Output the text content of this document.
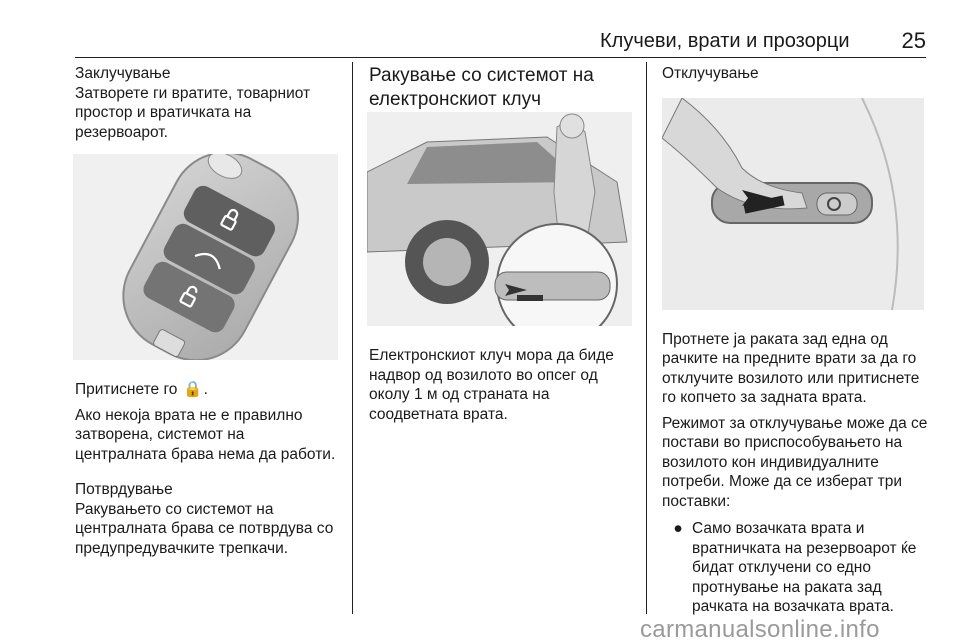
Клучеви, врати и прозорци	25

Заклучување

Затворете ги вратите, товарниот простор и вратичката на резервоарот.

Притиснете го  🔒 .

Ако некоја врата не е правилно затворена, системот на централната брава нема да работи.

Потврдување

Ракувањето со системот на централната брава се потврдува со предупредувачките трепкачи.

Ракување со системот на електронскиот клуч

Електронскиот клуч мора да биде надвор од возилото во опсег од околу 1 м од страната на соодветната врата.

Отклучување

Протнете ја раката зад една од рачките на предните врати за да го отклучите возилото или притиснете го копчето за задната врата.

Режимот за отклучување може да се постави во приспособувањето на возилото кон индивидуалните потреби. Може да се изберат три поставки:

● Само возачката врата и вратничката на резервоарот ќе бидат отклучени со едно протнување на раката зад рачката на возачката врата.
carmanualsonline.info
